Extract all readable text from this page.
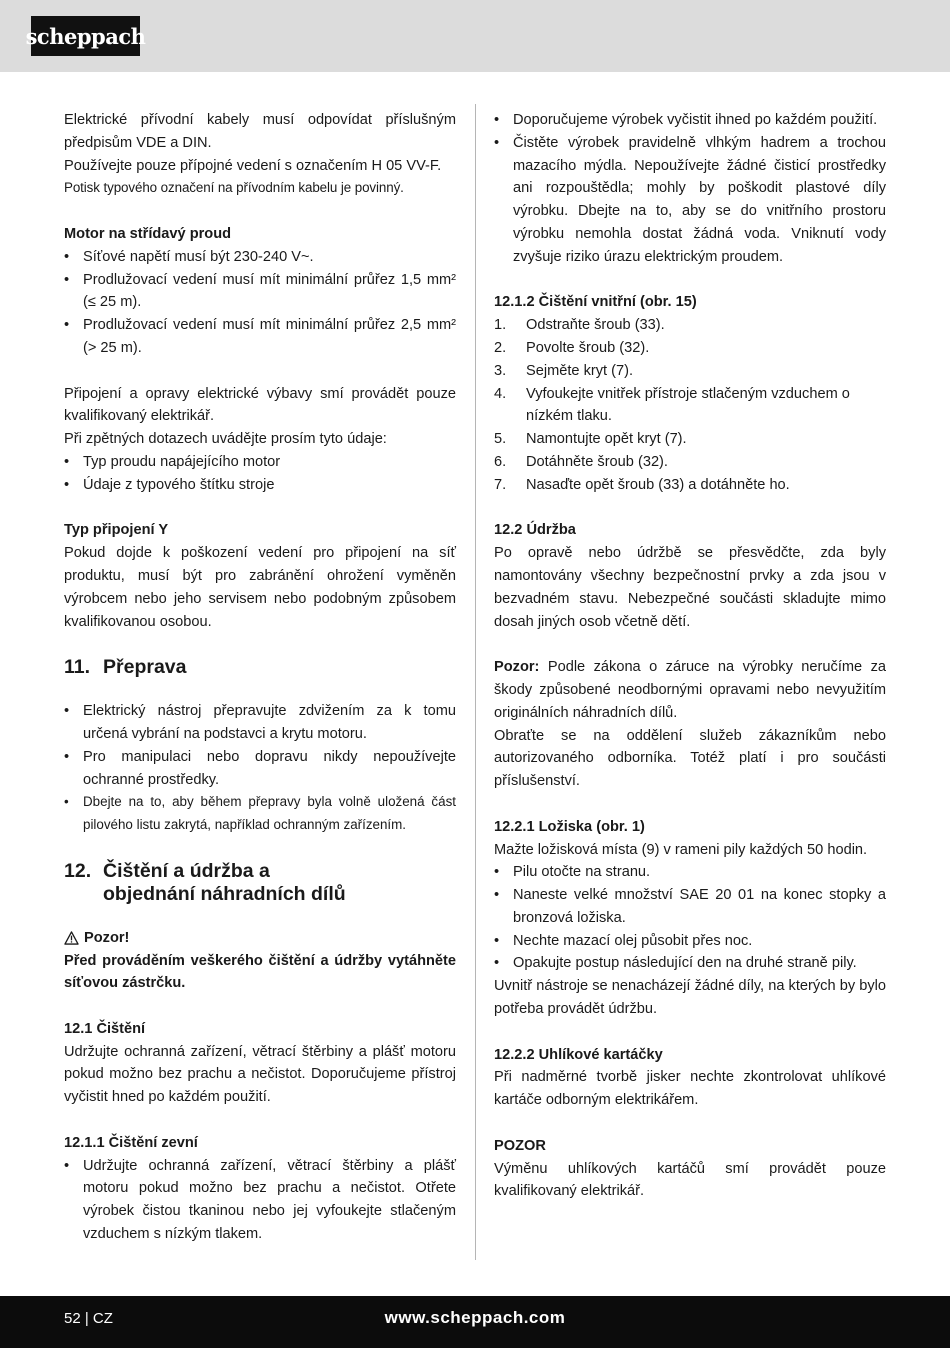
scheppach

Elektrické přívodní kabely musí odpovídat příslušným předpisům VDE a DIN.

Používejte pouze přípojné vedení s označením H 05 VV-F.

Potisk typového označení na přívodním kabelu je povinný.

Motor na střídavý proud

• Síťové napětí musí být 230-240 V~.
• Prodlužovací vedení musí mít minimální průřez 1,5 mm² (≤ 25 m).
• Prodlužovací vedení musí mít minimální průřez 2,5 mm² (> 25 m).

Připojení a opravy elektrické výbavy smí provádět pouze kvalifikovaný elektrikář.

Při zpětných dotazech uvádějte prosím tyto údaje:

• Typ proudu napájejícího motor
• Údaje z typového štítku stroje

Typ připojení Y

Pokud dojde k poškození vedení pro připojení na síť produktu, musí být pro zabránění ohrožení vyměněn výrobcem nebo jeho servisem nebo podobným způsobem kvalifikovanou osobou.

11. Přeprava
• Elektrický nástroj přepravujte zdvižením za k tomu určená vybrání na podstavci a krytu motoru.
• Pro manipulaci nebo dopravu nikdy nepoužívejte ochranné prostředky.
• Dbejte na to, aby během přepravy byla volně uložená část pilového listu zakrytá, například ochranným zařízením.
12. Čištění a údržba a
objednání náhradních dílů
Pozor!

Před prováděním veškerého čištění a údržby vytáhněte síťovou zástrčku.

12.1 Čištění

Udržujte ochranná zařízení, větrací štěrbiny a plášť motoru pokud možno bez prachu a nečistot. Doporučujeme přístroj vyčistit hned po každém použití.

12.1.1 Čištění zevní

• Udržujte ochranná zařízení, větrací štěrbiny a plášť motoru pokud možno bez prachu a nečistot. Otřete výrobek čistou tkaninou nebo jej vyfoukejte stlačeným vzduchem s nízkým tlakem.
• Doporučujeme výrobek vyčistit ihned po každém použití.
• Čistěte výrobek pravidelně vlhkým hadrem a trochou mazacího mýdla. Nepoužívejte žádné čisticí prostředky ani rozpouštědla; mohly by poškodit plastové díly výrobku. Dbejte na to, aby se do vnitřního prostoru výrobku nemohla dostat žádná voda. Vniknutí vody zvyšuje riziko úrazu elektrickým proudem.

12.1.2 Čištění vnitřní (obr. 15)

1. Odstraňte šroub (33).
2. Povolte šroub (32).
3. Sejměte kryt (7).
4. Vyfoukejte vnitřek přístroje stlačeným vzduchem o nízkém tlaku.
5. Namontujte opět kryt (7).
6. Dotáhněte šroub (32).
7. Nasaďte opět šroub (33) a dotáhněte ho.

12.2 Údržba

Po opravě nebo údržbě se přesvědčte, zda byly namontovány všechny bezpečnostní prvky a zda jsou v bezvadném stavu. Nebezpečné součásti skladujte mimo dosah jiných osob včetně dětí.

Pozor: Podle zákona o záruce na výrobky neručíme za škody způsobené neodbornými opravami nebo nevyužitím originálních náhradních dílů.

Obraťte se na oddělení služeb zákazníkům nebo autorizovaného odborníka. Totéž platí i pro součásti příslušenství.

12.2.1 Ložiska (obr. 1)

Mažte ložisková místa (9) v rameni pily každých 50 hodin.

• Pilu otočte na stranu.
• Naneste velké množství SAE 20 01 na konec stopky a bronzová ložiska.
• Nechte mazací olej působit přes noc.
• Opakujte postup následující den na druhé straně pily.

Uvnitř nástroje se nenacházejí žádné díly, na kterých by bylo potřeba provádět údržbu.

12.2.2 Uhlíkové kartáčky

Při nadměrné tvorbě jisker nechte zkontrolovat uhlíkové kartáče odborným elektrikářem.

POZOR

Výměnu uhlíkových kartáčů smí provádět pouze kvalifikovaný elektrikář.

52 | CZ	www.scheppach.com
